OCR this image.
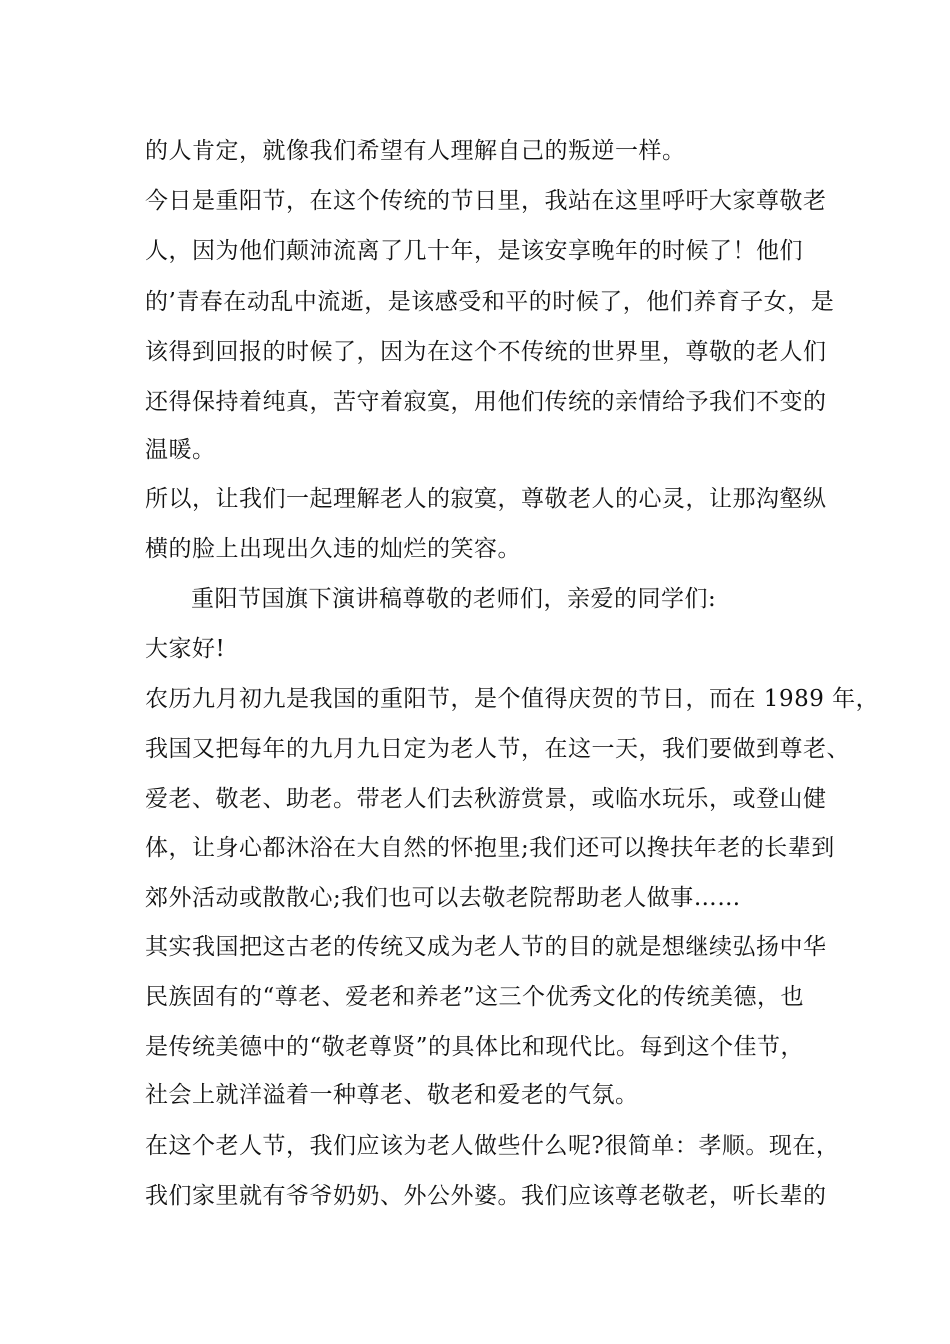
的人肯定，就像我们希望有人理解自己的叛逆一样。
今日是重阳节，在这个传统的节日里，我站在这里呼吁大家尊敬老
人，因为他们颠沛流离了几十年，是该安享晚年的时候了！他们
的’青春在动乱中流逝，是该感受和平的时候了，他们养育子女，是
该得到回报的时候了，因为在这个不传统的世界里，尊敬的老人们
还得保持着纯真，苦守着寂寞，用他们传统的亲情给予我们不变的
温暖。
所以，让我们一起理解老人的寂寞，尊敬老人的心灵，让那沟壑纵
横的脸上出现出久违的灿烂的笑容。
重阳节国旗下演讲稿尊敬的老师们，亲爱的同学们:
大家好!
农历九月初九是我国的重阳节，是个值得庆贺的节日，而在 1989 年，
我国又把每年的九月九日定为老人节，在这一天，我们要做到尊老、
爱老、敬老、助老。带老人们去秋游赏景，或临水玩乐，或登山健
体，让身心都沐浴在大自然的怀抱里;我们还可以搀扶年老的长辈到
郊外活动或散散心;我们也可以去敬老院帮助老人做事……
其实我国把这古老的传统又成为老人节的目的就是想继续弘扬中华
民族固有的“尊老、爱老和养老”这三个优秀文化的传统美德，也
是传统美德中的“敬老尊贤”的具体比和现代比。每到这个佳节，
社会上就洋溢着一种尊老、敬老和爱老的气氛。
在这个老人节，我们应该为老人做些什么呢?很简单：孝顺。现在，
我们家里就有爷爷奶奶、外公外婆。我们应该尊老敬老，听长辈的
